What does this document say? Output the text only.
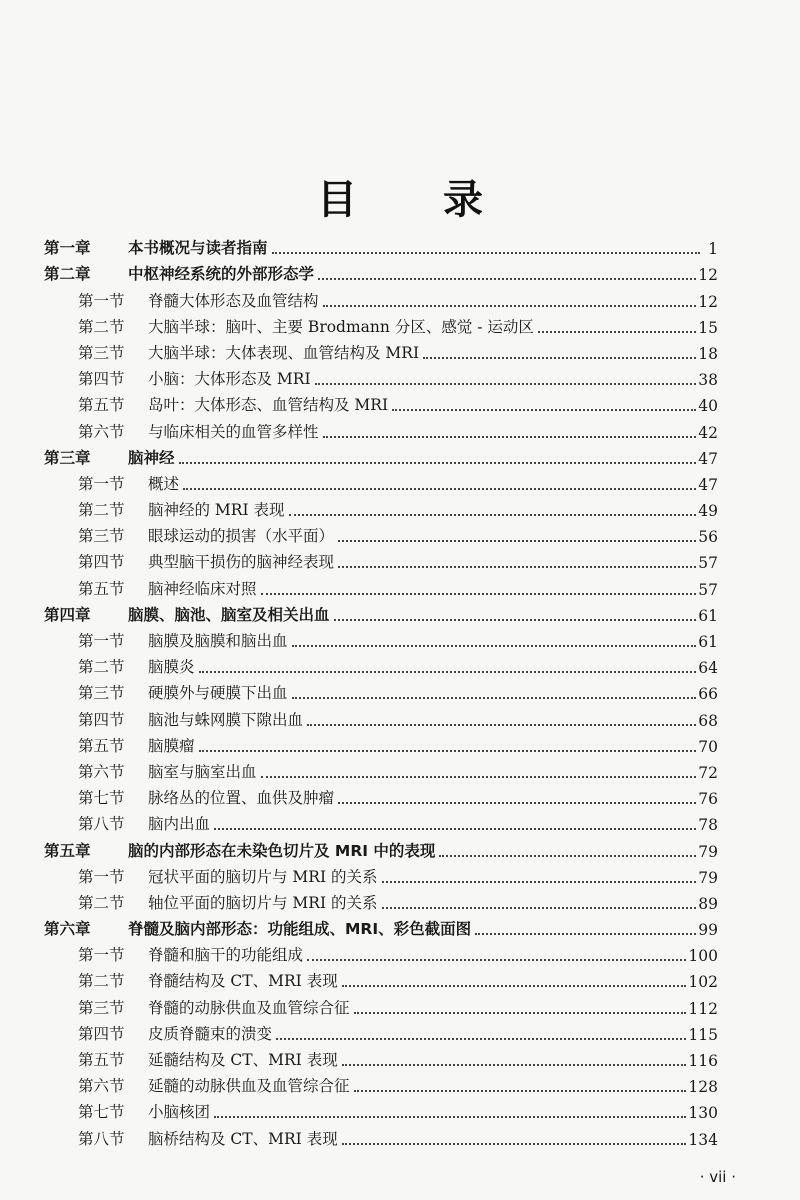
目 录
第一章 本书概况与读者指南	1
第二章 中枢神经系统的外部形态学	12
第一节 脊髓大体形态及血管结构	12
第二节 大脑半球：脑叶、主要 Brodmann 分区、感觉 - 运动区	15
第三节 大脑半球：大体表现、血管结构及 MRI	18
第四节 小脑：大体形态及 MRI	38
第五节 岛叶：大体形态、血管结构及 MRI	40
第六节 与临床相关的血管多样性	42
第三章 脑神经	47
第一节 概述	47
第二节 脑神经的 MRI 表现	49
第三节 眼球运动的损害（水平面）	56
第四节 典型脑干损伤的脑神经表现	57
第五节 脑神经临床对照	57
第四章 脑膜、脑池、脑室及相关出血	61
第一节 脑膜及脑膜和脑出血	61
第二节 脑膜炎	64
第三节 硬膜外与硬膜下出血	66
第四节 脑池与蛛网膜下隙出血	68
第五节 脑膜瘤	70
第六节 脑室与脑室出血	72
第七节 脉络丛的位置、血供及肿瘤	76
第八节 脑内出血	78
第五章 脑的内部形态在未染色切片及 MRI 中的表现	79
第一节 冠状平面的脑切片与 MRI 的关系	79
第二节 轴位平面的脑切片与 MRI 的关系	89
第六章 脊髓及脑内部形态：功能组成、MRI、彩色截面图	99
第一节 脊髓和脑干的功能组成	100
第二节 脊髓结构及 CT、MRI 表现	102
第三节 脊髓的动脉供血及血管综合征	112
第四节 皮质脊髓束的溃变	115
第五节 延髓结构及 CT、MRI 表现	116
第六节 延髓的动脉供血及血管综合征	128
第七节 小脑核团	130
第八节 脑桥结构及 CT、MRI 表现	134
· vii ·
